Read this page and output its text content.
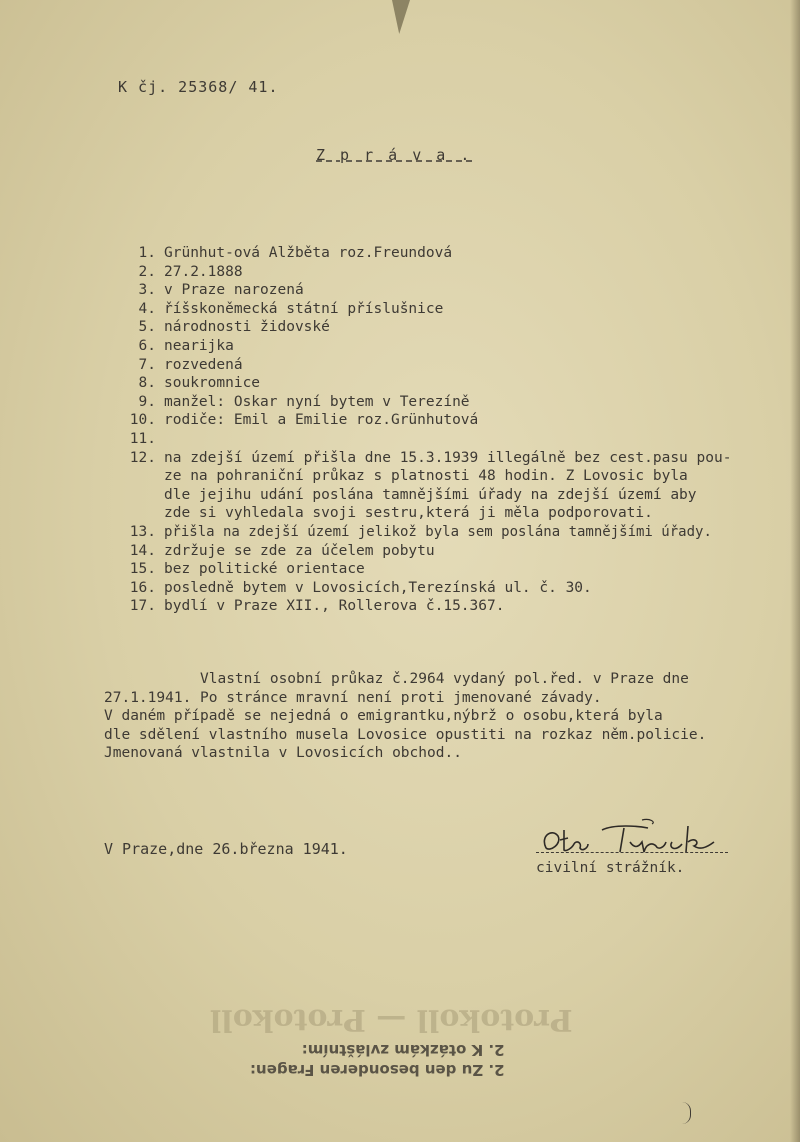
Protokoll — Protokoll
2. Zu den besonderen Fragen:
2. K otázkám zvláštním:
K čj. 25368/ 41.
Z p r á v a .
1. Grünhut-ová Alžběta roz.Freundová

2. 27.2.1888

3. v Praze narozená

4. říšskoněmecká státní příslušnice

5. národnosti židovské

6. nearijka

7. rozvedená

8. soukromnice

9. manžel: Oskar nyní bytem v Terezíně

10. rodiče: Emil a Emilie roz.Grünhutová

11.

12. na zdejší území přišla dne 15.3.1939 illegálně bez cest.pasu pou-

ze na pohraniční průkaz s platnosti 48 hodin. Z Lovosic byla

dle jejihu udání poslána tamnějšími úřady na zdejší území aby

zde si vyhledala svoji sestru,která ji měla podporovati.

13. přišla na zdejší území jelikož byla sem poslána tamnějšími úřady.

14. zdržuje se zde za účelem pobytu

15. bez politické orientace

16. posledně bytem v Lovosicích,Terezínská ul. č. 30.

17. bydlí v Praze XII., Rollerova č.15.367.

Vlastní osobní průkaz č.2964 vydaný pol.řed. v Praze dne

27.1.1941. Po stránce mravní není proti jmenované závady.

V daném případě se nejedná o emigrantku,nýbrž o osobu,která byla

dle sdělení vlastního musela Lovosice opustiti na rozkaz něm.policie.

Jmenovaná vlastnila v Lovosicích obchod..

V Praze,dne 26.března 1941.
civilní strážník.
